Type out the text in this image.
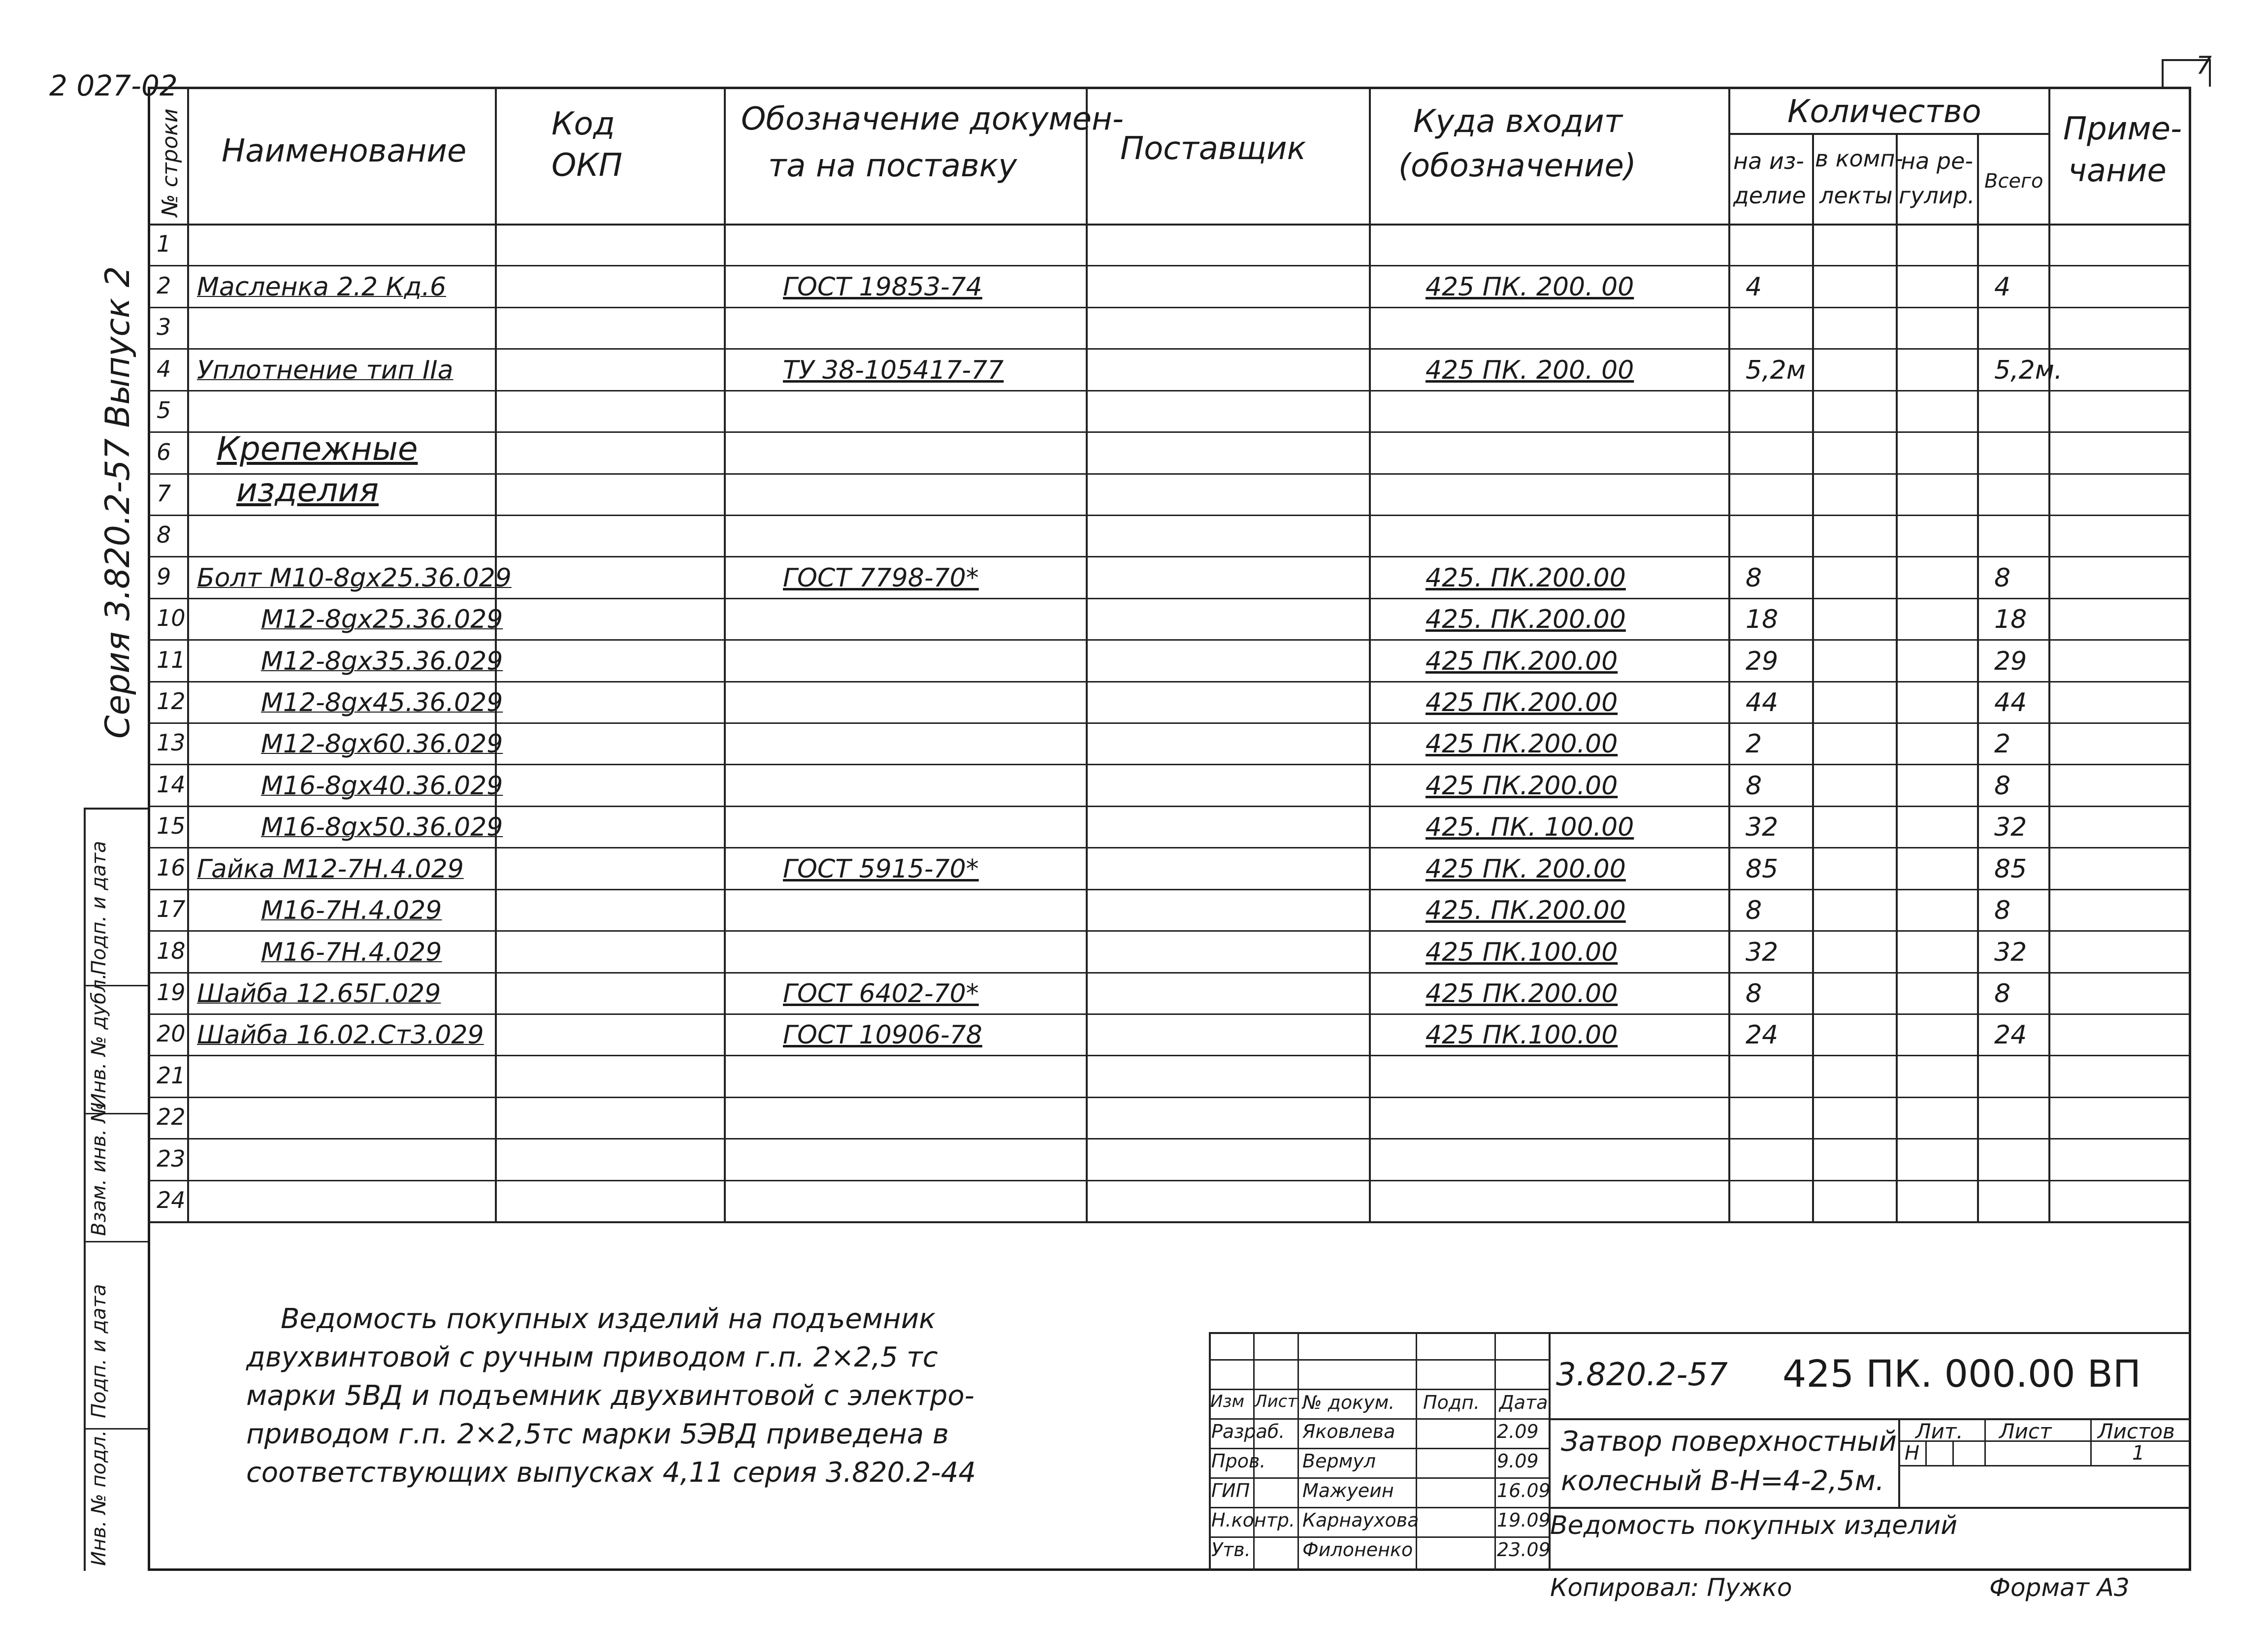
2 027-02
7
Серия 3.820.2-57 Выпуск 2
Подп. и дата
Инв. № дубл.
Взам. инв. №
Подп. и дата
Инв. № подл.
1
2 Масленка 2.2 Кд.6	ГОСТ 19853-74	425 ПК. 200. 00	4	4
3
4 Уплотнение тип IIa	ТУ 38-105417-77	425 ПК. 200. 00	5,2м	5,2м.
5
6 Крепежные
7 изделия
8
9 Болт М10-8gx25.36.029	ГОСТ 7798-70*	425. ПК.200.00	8	8
10	М12-8gx25.36.029	425. ПК.200.00	18	18
11	М12-8gx35.36.029	425 ПК.200.00	29	29
12	М12-8gx45.36.029	425 ПК.200.00	44	44
13	М12-8gx60.36.029	425 ПК.200.00	2	2
14	М16-8gx40.36.029	425 ПК.200.00	8	8
15	М16-8gx50.36.029	425. ПК. 100.00	32	32
16 Гайка М12-7Н.4.029	ГОСТ 5915-70*	425 ПК. 200.00	85	85
17	М16-7Н.4.029	425. ПК.200.00	8	8
18	М16-7Н.4.029	425 ПК.100.00	32	32
19 Шайба 12.65Г.029	ГОСТ 6402-70*	425 ПК.200.00	8	8
20 Шайба 16.02.Ст3.029	ГОСТ 10906-78	425 ПК.100.00	24	24
21
22
23
24
№ строки Наименование
Код ОКП
Обозначение докумен-
та на поставку	Поставщик
Куда входит
(обозначение)
Количество
на из-
делие
в комп-
лекты
на ре-
гулир.
Всего
Приме-
чание
Ведомость покупных изделий на подъемник
двухвинтовой с ручным приводом г.п. 2×2,5 тс
марки 5ВД и подъемник двухвинтовой с электро-
приводом г.п. 2×2,5тс марки 5ЭВД приведена в
соответствующих выпусках 4,11 серия 3.820.2-44
Изм Лист № докум. Подп. Дата
Разраб. Яковлева	2.09
Пров. Вермул	9.09
ГИП	Мажуеин	16.09
Н.контр. Карнаухова	19.09
Утв.	Филоненко	23.09
3.820.2-57 425 ПК. 000.00 ВП
Затвор поверхностный
колесный В-Н=4-2,5м.
Ведомость покупных изделий
Лит. Лист Листов
Н	1
Копировал: Пужко	Формат А3
